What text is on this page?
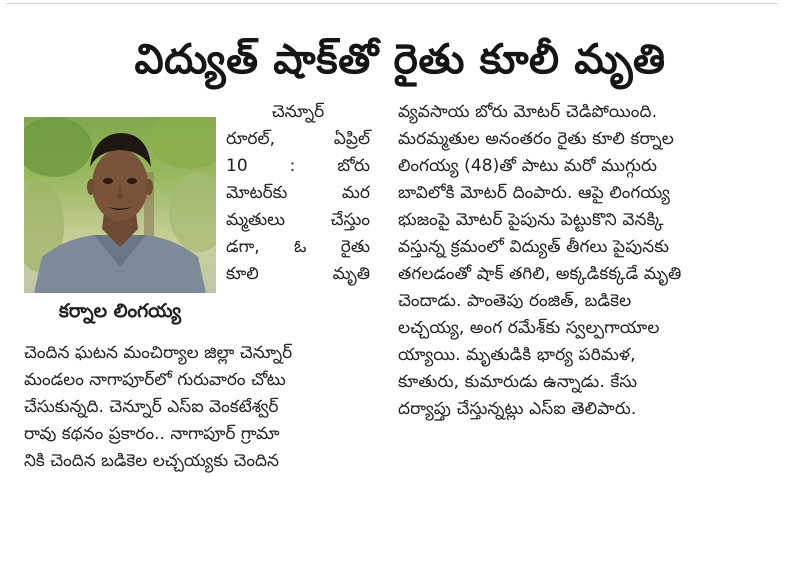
విద్యుత్ షాక్‌తో రైతు కూలీ మృతి
కర్నాల లింగయ్య
చెన్నూర్
రూరల్,	ఏప్రిల్
10 : బోరు
మోటర్‌కు	మర
మ్మతులు	చేస్తుం
డగా, ఓ రైతు
కూలి	మృతి
చెందిన ఘటన మంచిర్యాల జిల్లా చెన్నూర్
మండలం నాగాపూర్‌లో గురువారం చోటు
చేసుకున్నది. చెన్నూర్ ఎస్ఐ వెంకటేశ్వర్
రావు కథనం ప్రకారం.. నాగాపూర్ గ్రామా
నికి చెందిన బడికెల లచ్చయ్యకు చెందిన
వ్యవసాయ బోరు మోటర్ చెడిపోయింది.
మరమ్మతుల అనంతరం రైతు కూలి కర్నాల
లింగయ్య (48)తో పాటు మరో ముగ్గురు
బావిలోకి మోటర్ దింపారు. ఆపై లింగయ్య
భుజంపై మోటర్ పైపును పెట్టుకొని వెనక్కి
వస్తున్న క్రమంలో విద్యుత్ తీగలు పైపునకు
తగలడంతో షాక్ తగిలి, అక్కడికక్కడే మృతి
చెందాడు. పాంతెపు రంజిత్, బడికెల
లచ్చయ్య, అంగ రమేశ్‌కు స్వల్పగాయాల
య్యాయి. మృతుడికి భార్య పరిమళ,
కూతురు, కుమారుడు ఉన్నాడు. కేసు
దర్యాప్తు చేస్తున్నట్లు ఎస్ఐ తెలిపారు.
